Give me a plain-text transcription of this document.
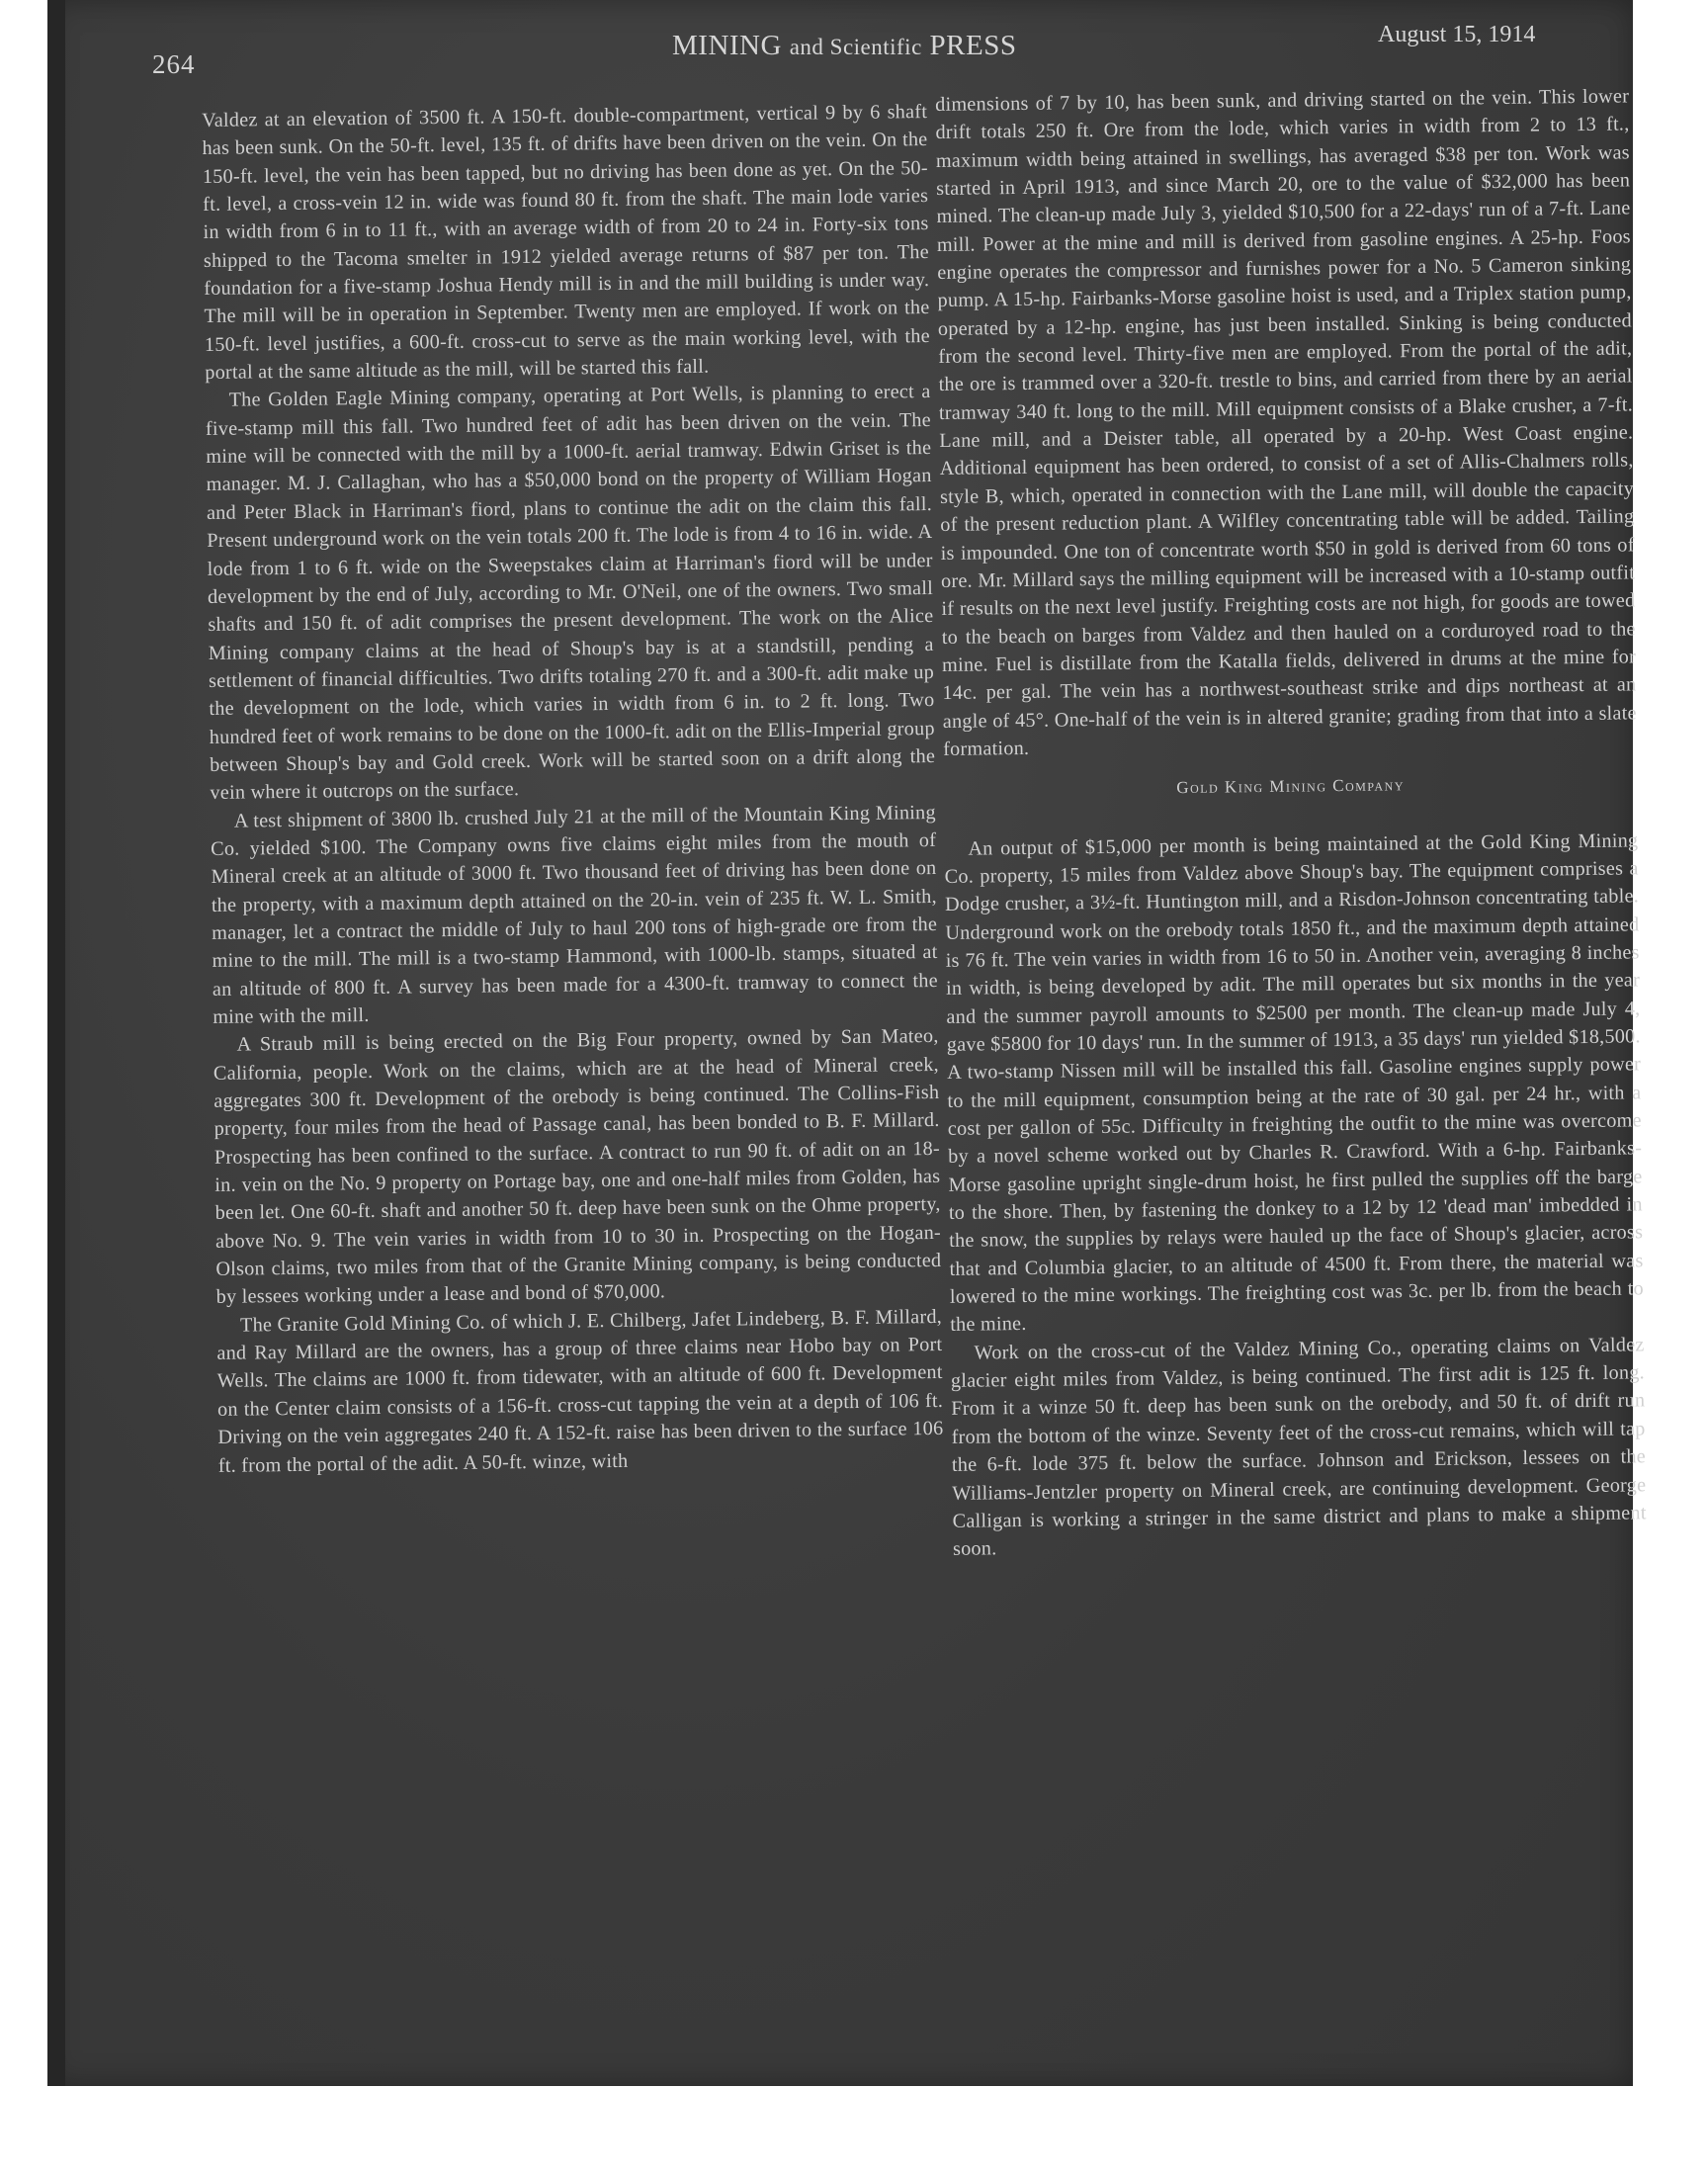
264
MINING and Scientific PRESS	August 15, 1914

Valdez at an elevation of 3500 ft. A 150-ft. double-compartment, vertical 9 by 6 shaft has been sunk. On the 50-ft. level, 135 ft. of drifts have been driven on the vein. On the 150-ft. level, the vein has been tapped, but no driving has been done as yet. On the 50-ft. level, a cross-vein 12 in. wide was found 80 ft. from the shaft. The main lode varies in width from 6 in to 11 ft., with an average width of from 20 to 24 in. Forty-six tons shipped to the Tacoma smelter in 1912 yielded average returns of $87 per ton. The foundation for a five-stamp Joshua Hendy mill is in and the mill building is under way. The mill will be in operation in September. Twenty men are employed. If work on the 150-ft. level justifies, a 600-ft. cross-cut to serve as the main working level, with the portal at the same altitude as the mill, will be started this fall.

The Golden Eagle Mining company, operating at Port Wells, is planning to erect a five-stamp mill this fall. Two hundred feet of adit has been driven on the vein. The mine will be connected with the mill by a 1000-ft. aerial tramway. Edwin Griset is the manager. M. J. Callaghan, who has a $50,000 bond on the property of William Hogan and Peter Black in Harriman's fiord, plans to continue the adit on the claim this fall. Present underground work on the vein totals 200 ft. The lode is from 4 to 16 in. wide. A lode from 1 to 6 ft. wide on the Sweepstakes claim at Harriman's fiord will be under development by the end of July, according to Mr. O'Neil, one of the owners. Two small shafts and 150 ft. of adit comprises the present development. The work on the Alice Mining company claims at the head of Shoup's bay is at a standstill, pending a settlement of financial difficulties. Two drifts totaling 270 ft. and a 300-ft. adit make up the development on the lode, which varies in width from 6 in. to 2 ft. long. Two hundred feet of work remains to be done on the 1000-ft. adit on the Ellis-Imperial group between Shoup's bay and Gold creek. Work will be started soon on a drift along the vein where it outcrops on the surface.

A test shipment of 3800 lb. crushed July 21 at the mill of the Mountain King Mining Co. yielded $100. The Company owns five claims eight miles from the mouth of Mineral creek at an altitude of 3000 ft. Two thousand feet of driving has been done on the property, with a maximum depth attained on the 20-in. vein of 235 ft. W. L. Smith, manager, let a contract the middle of July to haul 200 tons of high-grade ore from the mine to the mill. The mill is a two-stamp Hammond, with 1000-lb. stamps, situated at an altitude of 800 ft. A survey has been made for a 4300-ft. tramway to connect the mine with the mill.

A Straub mill is being erected on the Big Four property, owned by San Mateo, California, people. Work on the claims, which are at the head of Mineral creek, aggregates 300 ft. Development of the orebody is being continued. The Collins-Fish property, four miles from the head of Passage canal, has been bonded to B. F. Millard. Prospecting has been confined to the surface. A contract to run 90 ft. of adit on an 18-in. vein on the No. 9 property on Portage bay, one and one-half miles from Golden, has been let. One 60-ft. shaft and another 50 ft. deep have been sunk on the Ohme property, above No. 9. The vein varies in width from 10 to 30 in. Prospecting on the Hogan-Olson claims, two miles from that of the Granite Mining company, is being conducted by lessees working under a lease and bond of $70,000.

The Granite Gold Mining Co. of which J. E. Chilberg, Jafet Lindeberg, B. F. Millard, and Ray Millard are the owners, has a group of three claims near Hobo bay on Port Wells. The claims are 1000 ft. from tidewater, with an altitude of 600 ft. Development on the Center claim consists of a 156-ft. cross-cut tapping the vein at a depth of 106 ft. Driving on the vein aggregates 240 ft. A 152-ft. raise has been driven to the surface 106 ft. from the portal of the adit. A 50-ft. winze, with

dimensions of 7 by 10, has been sunk, and driving started on the vein. This lower drift totals 250 ft. Ore from the lode, which varies in width from 2 to 13 ft., maximum width being attained in swellings, has averaged $38 per ton. Work was started in April 1913, and since March 20, ore to the value of $32,000 has been mined. The clean-up made July 3, yielded $10,500 for a 22-days' run of a 7-ft. Lane mill. Power at the mine and mill is derived from gasoline engines. A 25-hp. Foos engine operates the compressor and furnishes power for a No. 5 Cameron sinking pump. A 15-hp. Fairbanks-Morse gasoline hoist is used, and a Triplex station pump, operated by a 12-hp. engine, has just been installed. Sinking is being conducted from the second level. Thirty-five men are employed. From the portal of the adit, the ore is trammed over a 320-ft. trestle to bins, and carried from there by an aerial tramway 340 ft. long to the mill. Mill equipment consists of a Blake crusher, a 7-ft. Lane mill, and a Deister table, all operated by a 20-hp. West Coast engine. Additional equipment has been ordered, to consist of a set of Allis-Chalmers rolls, style B, which, operated in connection with the Lane mill, will double the capacity of the present reduction plant. A Wilfley concentrating table will be added. Tailing is impounded. One ton of concentrate worth $50 in gold is derived from 60 tons of ore. Mr. Millard says the milling equipment will be increased with a 10-stamp outfit if results on the next level justify. Freighting costs are not high, for goods are towed to the beach on barges from Valdez and then hauled on a corduroyed road to the mine. Fuel is distillate from the Katalla fields, delivered in drums at the mine for 14c. per gal. The vein has a northwest-southeast strike and dips northeast at an angle of 45°. One-half of the vein is in altered granite; grading from that into a slate formation.

Gold King Mining Company

An output of $15,000 per month is being maintained at the Gold King Mining Co. property, 15 miles from Valdez above Shoup's bay. The equipment comprises a Dodge crusher, a 3½-ft. Huntington mill, and a Risdon-Johnson concentrating table. Underground work on the orebody totals 1850 ft., and the maximum depth attained is 76 ft. The vein varies in width from 16 to 50 in. Another vein, averaging 8 inches in width, is being developed by adit. The mill operates but six months in the year and the summer payroll amounts to $2500 per month. The clean-up made July 4, gave $5800 for 10 days' run. In the summer of 1913, a 35 days' run yielded $18,500. A two-stamp Nissen mill will be installed this fall. Gasoline engines supply power to the mill equipment, consumption being at the rate of 30 gal. per 24 hr., with a cost per gallon of 55c. Difficulty in freighting the outfit to the mine was overcome by a novel scheme worked out by Charles R. Crawford. With a 6-hp. Fairbanks-Morse gasoline upright single-drum hoist, he first pulled the supplies off the barge to the shore. Then, by fastening the donkey to a 12 by 12 'dead man' imbedded in the snow, the supplies by relays were hauled up the face of Shoup's glacier, across that and Columbia glacier, to an altitude of 4500 ft. From there, the material was lowered to the mine workings. The freighting cost was 3c. per lb. from the beach to the mine.

Work on the cross-cut of the Valdez Mining Co., operating claims on Valdez glacier eight miles from Valdez, is being continued. The first adit is 125 ft. long. From it a winze 50 ft. deep has been sunk on the orebody, and 50 ft. of drift run from the bottom of the winze. Seventy feet of the cross-cut remains, which will tap the 6-ft. lode 375 ft. below the surface. Johnson and Erickson, lessees on the Williams-Jentzler property on Mineral creek, are continuing development. George Calligan is working a stringer in the same district and plans to make a shipment soon.
